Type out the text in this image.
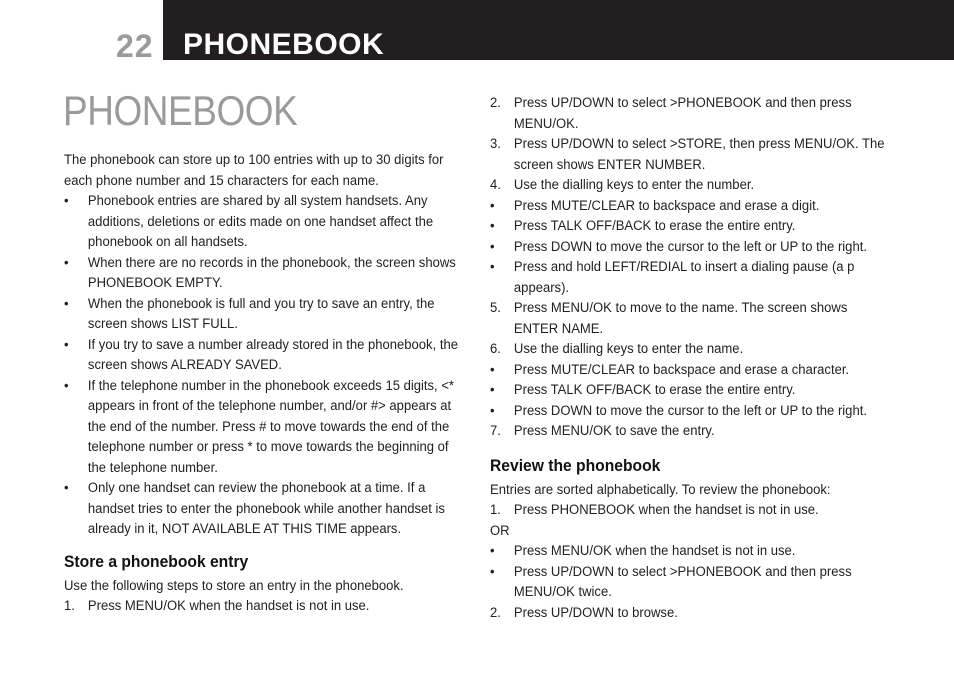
22 PHONEBOOK
PHONEBOOK

The phonebook can store up to 100 entries with up to 30 digits for each phone number and 15 characters for each name.

•	Phonebook entries are shared by all system handsets. Any additions, deletions or edits made on one handset affect the phonebook on all handsets.
•	When there are no records in the phonebook, the screen shows PHONEBOOK EMPTY.
•	When the phonebook is full and you try to save an entry, the screen shows LIST FULL.
•	If you try to save a number already stored in the phonebook, the screen shows ALREADY SAVED.
•	If the telephone number in the phonebook exceeds 15 digits, <* appears in front of the telephone number, and/or #> appears at the end of the number. Press # to move towards the end of the telephone number or press * to move towards the beginning of the telephone number.
•	Only one handset can review the phonebook at a time. If a handset tries to enter the phonebook while another handset is already in it, NOT AVAILABLE AT THIS TIME appears.

Store a phonebook entry

Use the following steps to store an entry in the phonebook.

1. Press MENU/OK when the handset is not in use.
2. Press UP/DOWN to select >PHONEBOOK and then press MENU/OK.
3. Press UP/DOWN to select >STORE, then press MENU/OK. The screen shows ENTER NUMBER.
4. Use the dialling keys to enter the number.
•	Press MUTE/CLEAR to backspace and erase a digit.
•	Press TALK OFF/BACK to erase the entire entry.
•	Press DOWN to move the cursor to the left or UP to the right.
•	Press and hold LEFT/REDIAL to insert a dialing pause (a p appears).
5. Press MENU/OK to move to the name. The screen shows ENTER NAME.
6. Use the dialling keys to enter the name.
•	Press MUTE/CLEAR to backspace and erase a character.
•	Press TALK OFF/BACK to erase the entire entry.
•	Press DOWN to move the cursor to the left or UP to the right.
7. Press MENU/OK to save the entry.

Review the phonebook

Entries are sorted alphabetically. To review the phonebook:

1. Press PHONEBOOK when the handset is not in use.

OR

•	Press MENU/OK when the handset is not in use.
•	Press UP/DOWN to select >PHONEBOOK and then press MENU/OK twice.
2. Press UP/DOWN to browse.
